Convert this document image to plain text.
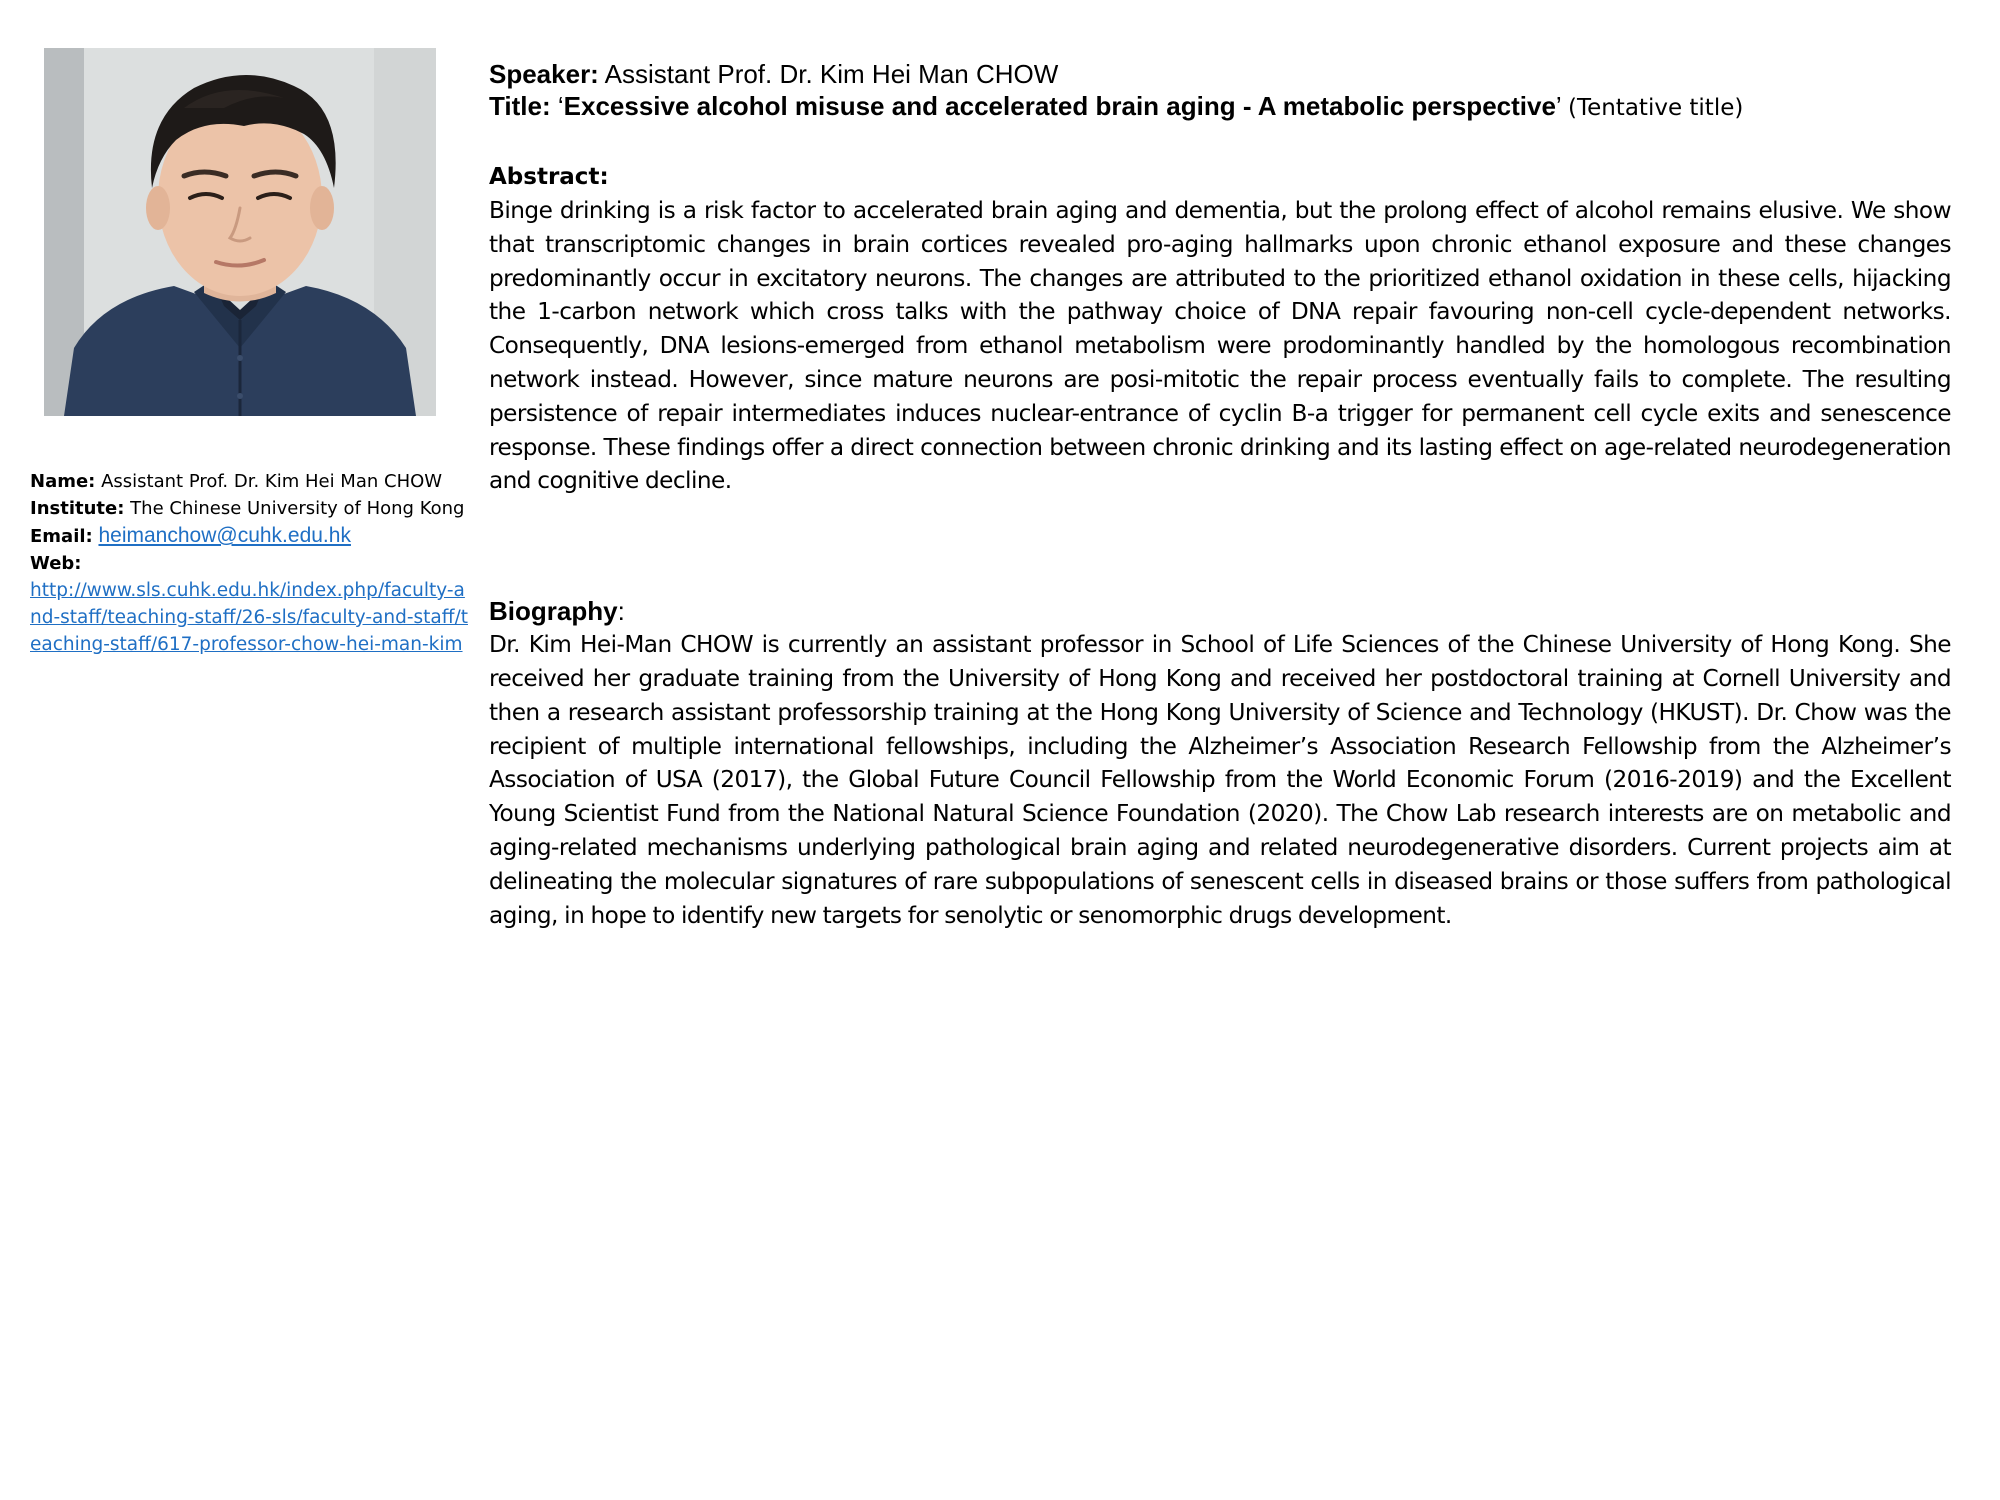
Name: Assistant Prof. Dr. Kim Hei Man CHOW
Institute: The Chinese University of Hong Kong
Email: heimanchow@cuhk.edu.hk
Web:
http://www.sls.cuhk.edu.hk/index.php/faculty-and-staff/teaching-staff/26-sls/faculty-and-staff/teaching-staff/617-professor-chow-hei-man-kim
Speaker: Assistant Prof. Dr. Kim Hei Man CHOW
Title: ‘Excessive alcohol misuse and accelerated brain aging - A metabolic perspective’ (Tentative title)
Abstract:
Binge drinking is a risk factor to accelerated brain aging and dementia, but the prolong effect of alcohol remains elusive. We show that transcriptomic changes in brain cortices revealed pro-aging hallmarks upon chronic ethanol exposure and these changes predominantly occur in excitatory neurons. The changes are attributed to the prioritized ethanol oxidation in these cells, hijacking the 1-carbon network which cross talks with the pathway choice of DNA repair favouring non-cell cycle-dependent networks. Consequently, DNA lesions-emerged from ethanol metabolism were prodominantly handled by the homologous recombination network instead. However, since mature neurons are posi-mitotic the repair process eventually fails to complete. The resulting persistence of repair intermediates induces nuclear-entrance of cyclin B-a trigger for permanent cell cycle exits and senescence response. These findings offer a direct connection between chronic drinking and its lasting effect on age-related neurodegeneration and cognitive decline.
Biography:
Dr. Kim Hei-Man CHOW is currently an assistant professor in School of Life Sciences of the Chinese University of Hong Kong. She received her graduate training from the University of Hong Kong and received her postdoctoral training at Cornell University and then a research assistant professorship training at the Hong Kong University of Science and Technology (HKUST). Dr. Chow was the recipient of multiple international fellowships, including the Alzheimer’s Association Research Fellowship from the Alzheimer’s Association of USA (2017), the Global Future Council Fellowship from the World Economic Forum (2016-2019) and the Excellent Young Scientist Fund from the National Natural Science Foundation (2020). The Chow Lab research interests are on metabolic and aging-related mechanisms underlying pathological brain aging and related neurodegenerative disorders. Current projects aim at delineating the molecular signatures of rare subpopulations of senescent cells in diseased brains or those suffers from pathological aging, in hope to identify new targets for senolytic or senomorphic drugs development.
